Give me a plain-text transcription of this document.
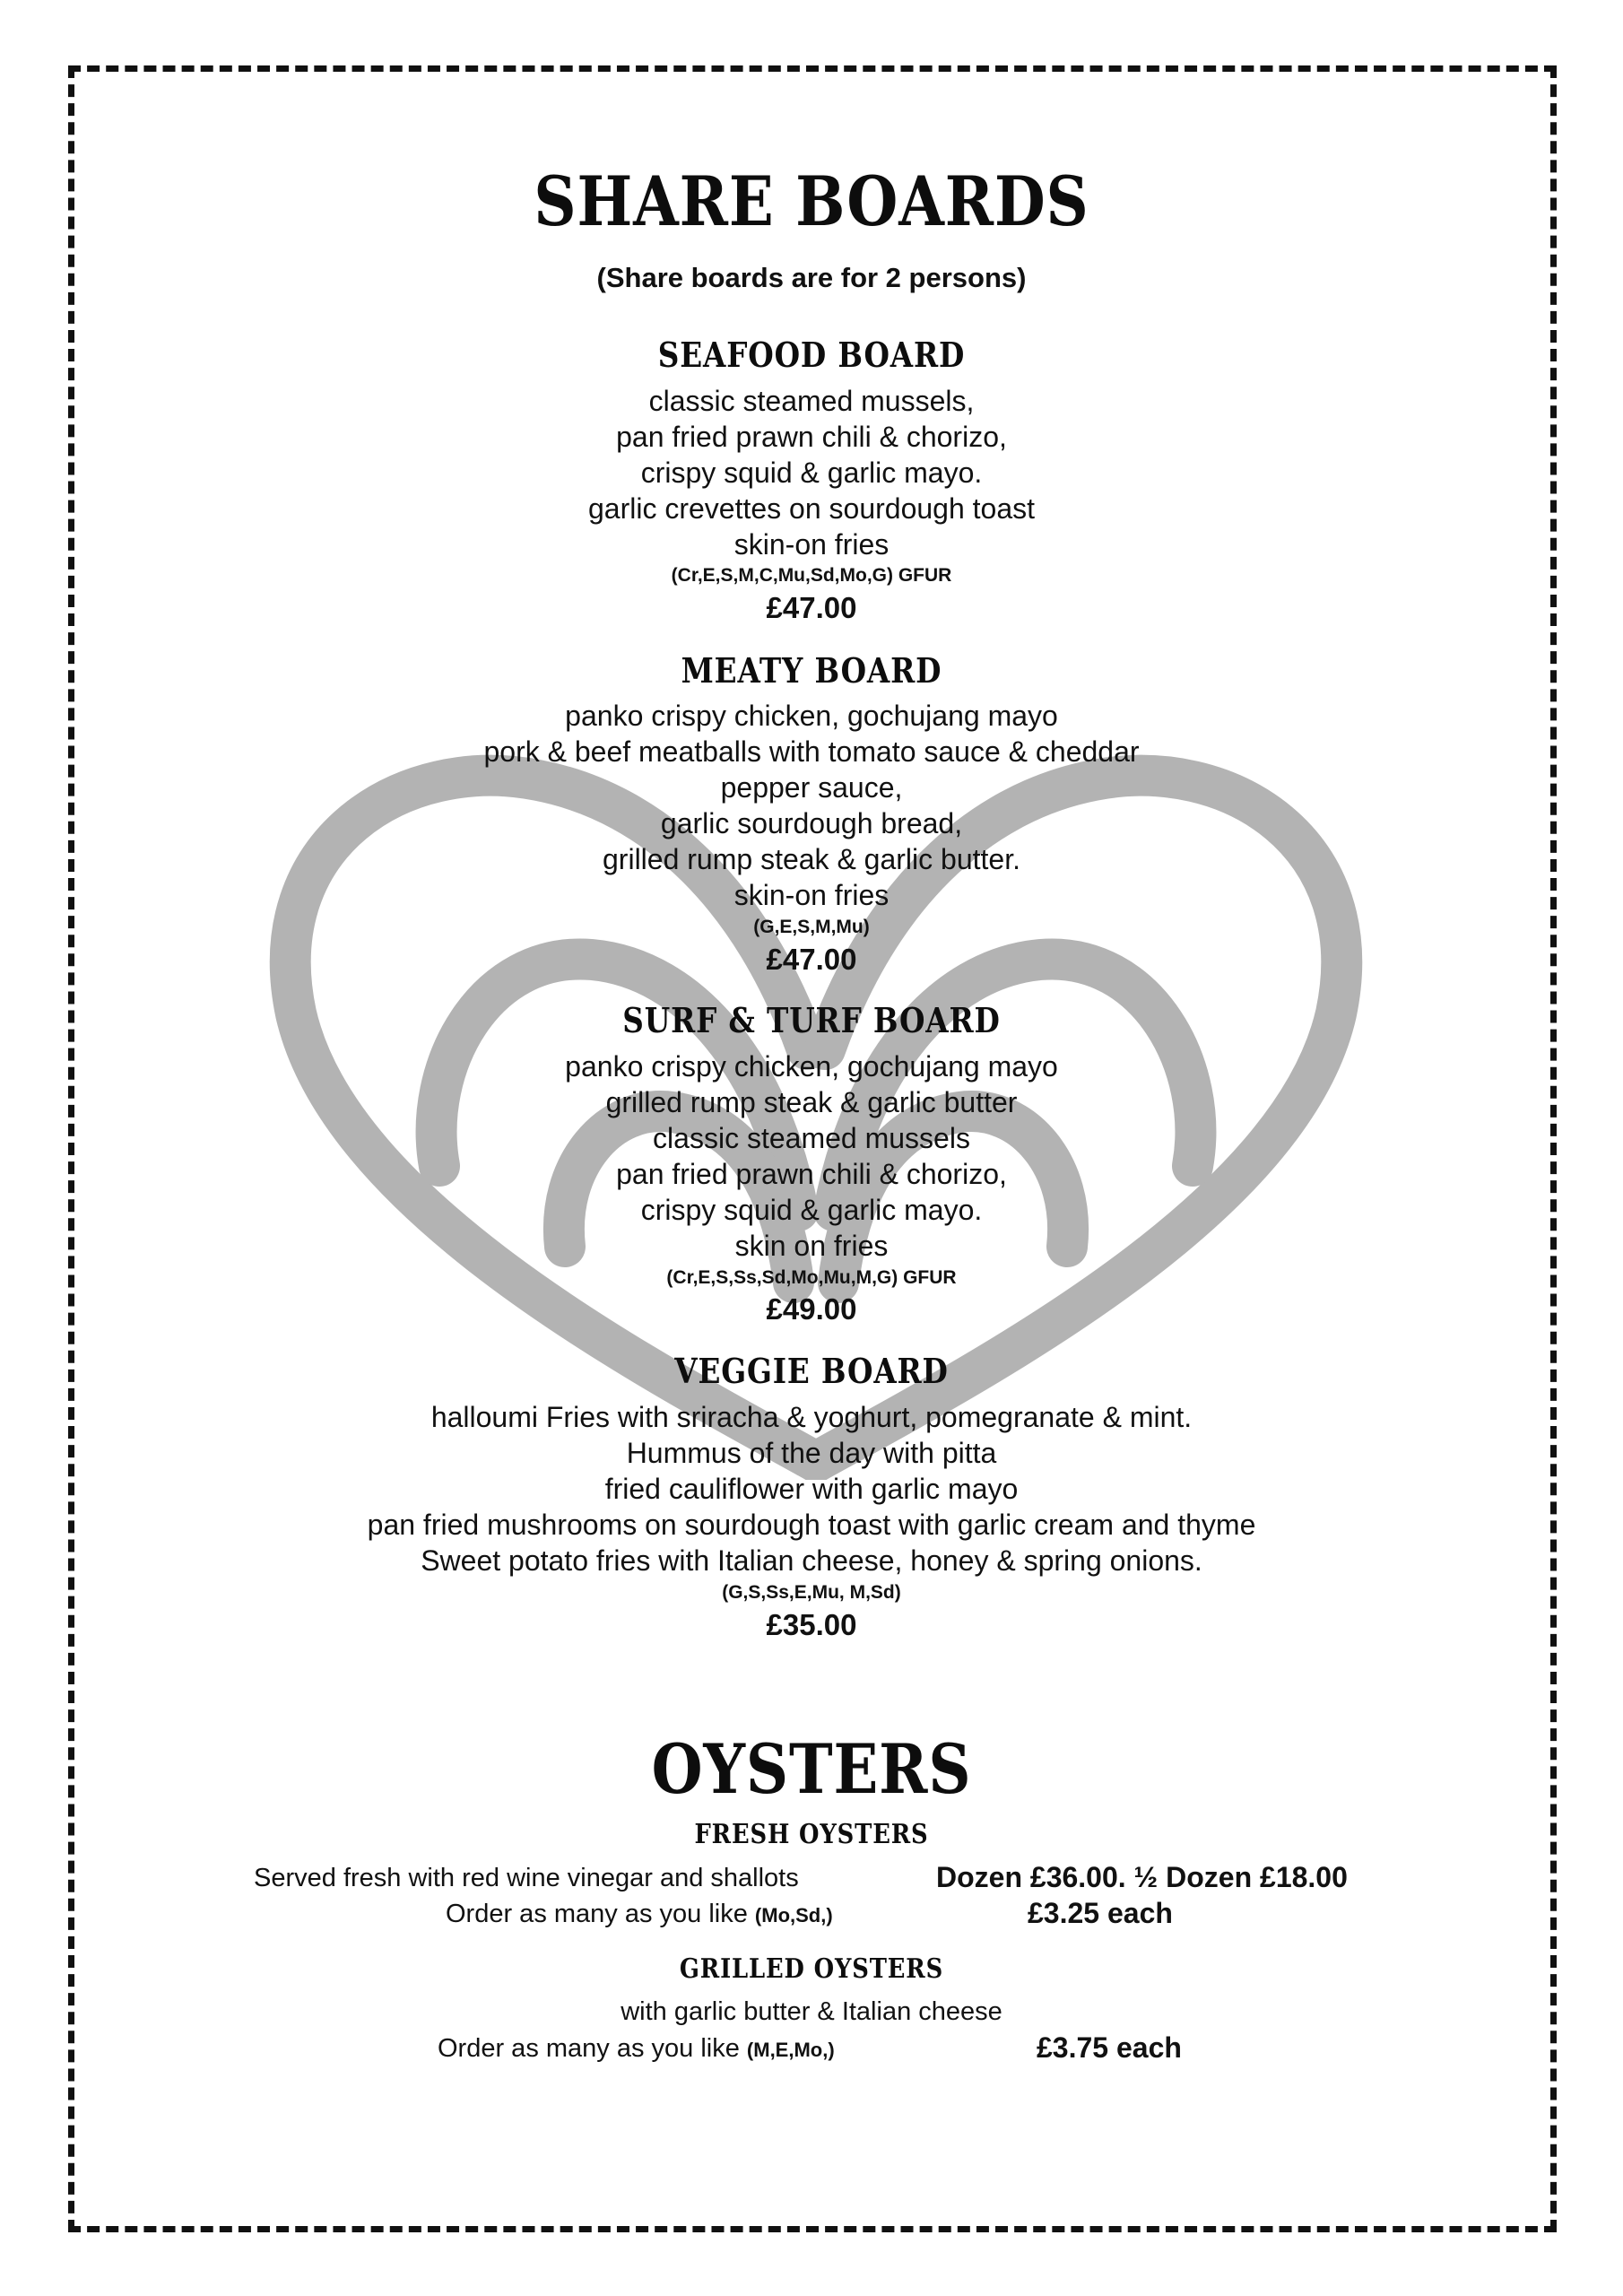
SHARE BOARDS
(Share boards are for 2 persons)
SEAFOOD BOARD
classic steamed mussels,
pan fried prawn chili & chorizo,
crispy squid & garlic mayo.
garlic crevettes on sourdough toast
skin-on fries
(Cr,E,S,M,C,Mu,Sd,Mo,G) GFUR
£47.00
MEATY BOARD
panko crispy chicken, gochujang mayo
pork & beef meatballs with tomato sauce & cheddar
pepper sauce,
garlic sourdough bread,
grilled rump steak & garlic butter.
skin-on fries
(G,E,S,M,Mu)
£47.00
SURF & TURF BOARD
panko crispy chicken, gochujang mayo
grilled rump steak & garlic butter
classic steamed mussels
pan fried prawn chili & chorizo,
crispy squid & garlic mayo.
skin on fries
(Cr,E,S,Ss,Sd,Mo,Mu,M,G) GFUR
£49.00
VEGGIE BOARD
halloumi Fries with sriracha & yoghurt, pomegranate & mint.
Hummus of the day with pitta
fried cauliflower with garlic mayo
pan fried mushrooms on sourdough toast with garlic cream and thyme
Sweet potato fries with Italian cheese, honey & spring onions.
(G,S,Ss,E,Mu, M,Sd)
£35.00
OYSTERS
FRESH OYSTERS
Served fresh with red wine vinegar and shallots	Dozen £36.00. ½ Dozen £18.00
Order as many as you like (Mo,Sd,)	£3.25 each
GRILLED OYSTERS
with garlic butter & Italian cheese
Order as many as you like (M,E,Mo,)	£3.75 each
